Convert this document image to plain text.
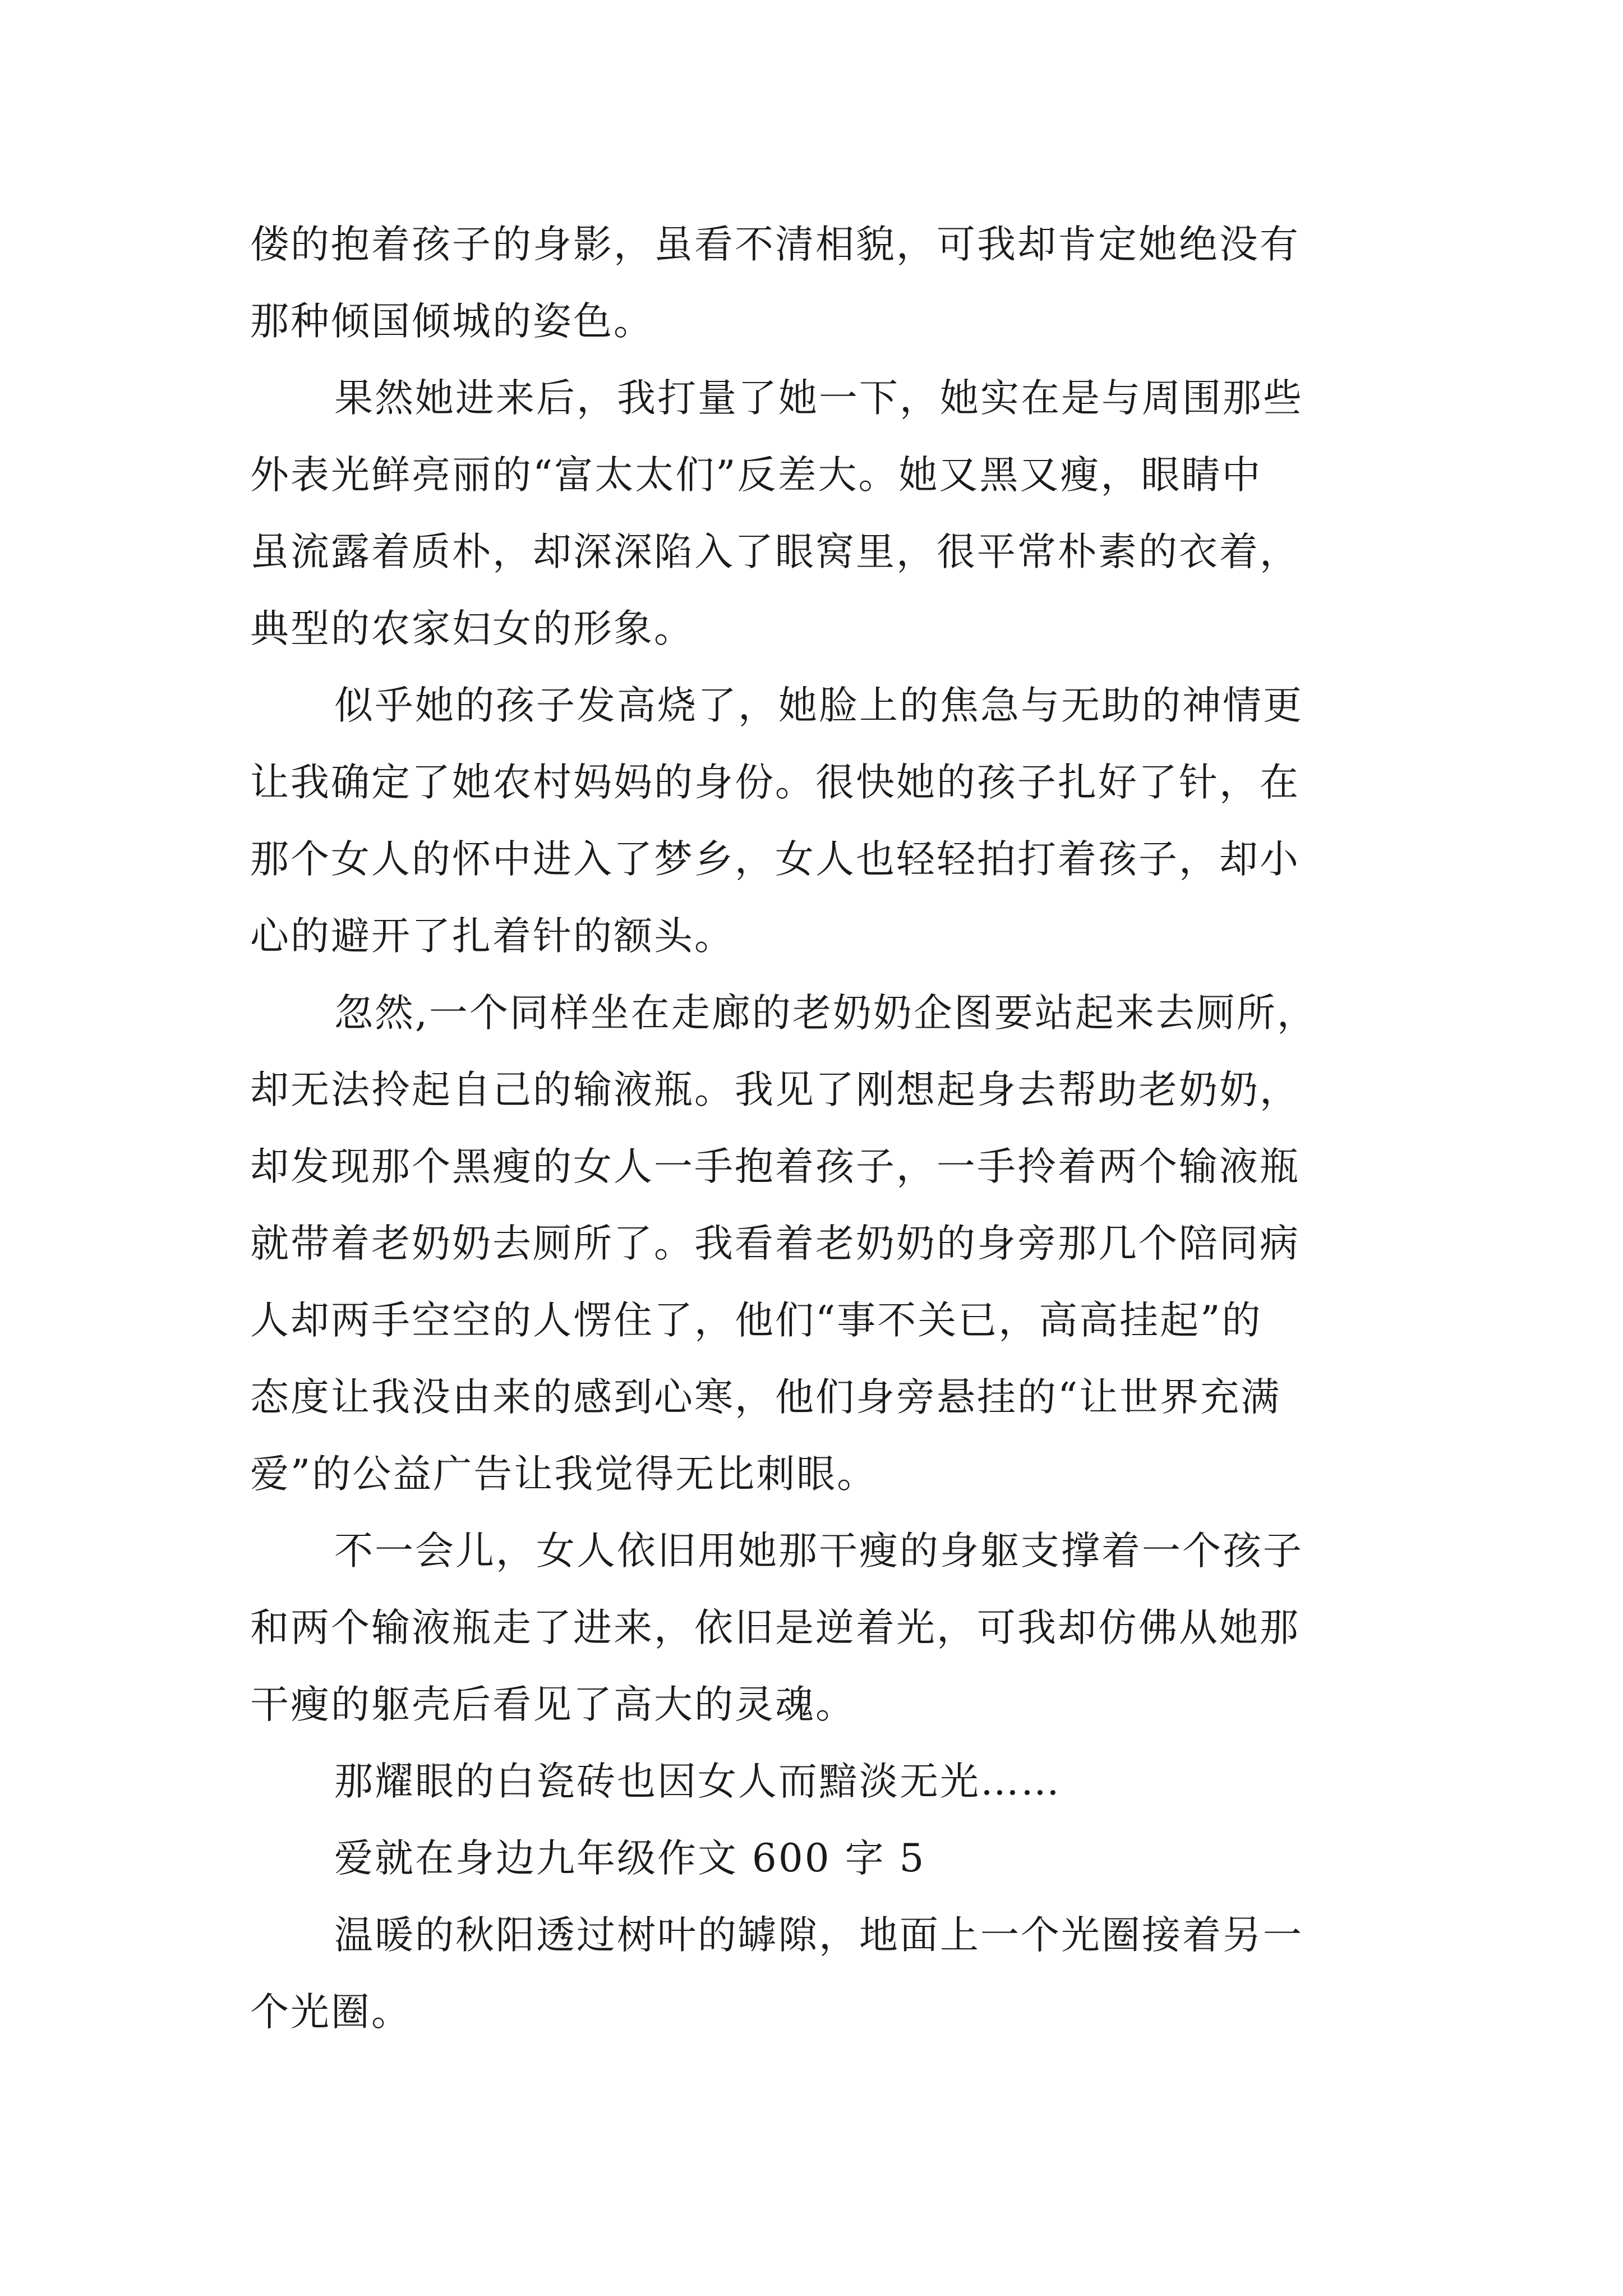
偻的抱着孩子的身影，虽看不清相貌，可我却肯定她绝没有
那种倾国倾城的姿色。
果然她进来后，我打量了她一下，她实在是与周围那些
外表光鲜亮丽的“富太太们”反差大。她又黑又瘦，眼睛中
虽流露着质朴，却深深陷入了眼窝里，很平常朴素的衣着，
典型的农家妇女的形象。
似乎她的孩子发高烧了，她脸上的焦急与无助的神情更
让我确定了她农村妈妈的身份。很快她的孩子扎好了针，在
那个女人的怀中进入了梦乡，女人也轻轻拍打着孩子，却小
心的避开了扎着针的额头。
忽然,一个同样坐在走廊的老奶奶企图要站起来去厕所，
却无法拎起自己的输液瓶。我见了刚想起身去帮助老奶奶，
却发现那个黑瘦的女人一手抱着孩子，一手拎着两个输液瓶
就带着老奶奶去厕所了。我看着老奶奶的身旁那几个陪同病
人却两手空空的人愣住了，他们“事不关已，高高挂起”的
态度让我没由来的感到心寒，他们身旁悬挂的“让世界充满
爱”的公益广告让我觉得无比刺眼。
不一会儿，女人依旧用她那干瘦的身躯支撑着一个孩子
和两个输液瓶走了进来，依旧是逆着光，可我却仿佛从她那
干瘦的躯壳后看见了高大的灵魂。
那耀眼的白瓷砖也因女人而黯淡无光……
爱就在身边九年级作文 600 字 5
温暖的秋阳透过树叶的罅隙，地面上一个光圈接着另一
个光圈。
